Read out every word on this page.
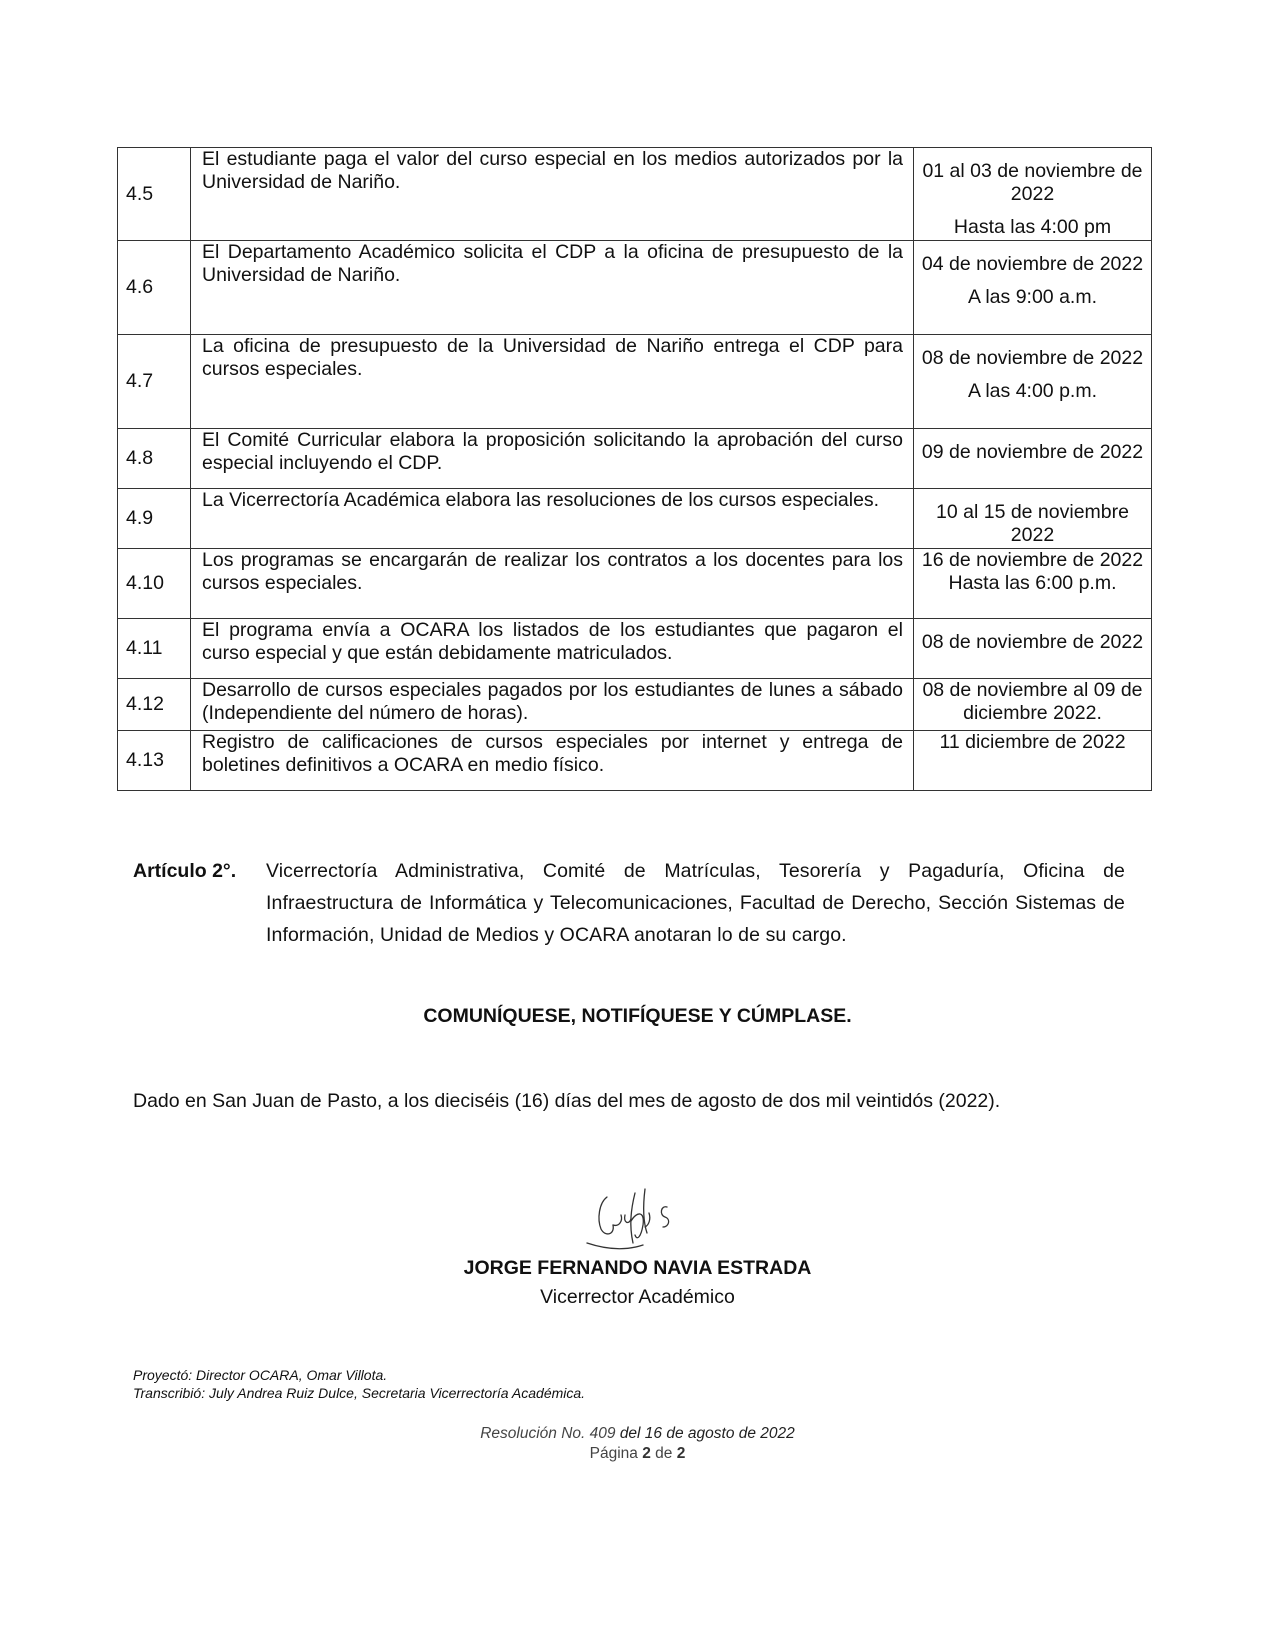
4.5	El estudiante paga el valor del curso especial en los medios autorizados por la Universidad de Nariño.	01 al 03 de noviembre de 2022
Hasta las 4:00 pm

4.6	El Departamento Académico solicita el CDP a la oficina de presupuesto de la Universidad de Nariño.	04 de noviembre de 2022
A las 9:00 a.m.

4.7	La oficina de presupuesto de la Universidad de Nariño entrega el CDP para cursos especiales.	08 de noviembre de 2022
A las 4:00 p.m.

4.8	El Comité Curricular elabora la proposición solicitando la aprobación del curso especial incluyendo el CDP.	09 de noviembre de 2022

4.9	La Vicerrectoría Académica elabora las resoluciones de los cursos especiales.	10 al 15 de noviembre 2022

4.10	Los programas se encargarán de realizar los contratos a los docentes para los cursos especiales.	16 de noviembre de 2022
Hasta las 6:00 p.m.

4.11	El programa envía a OCARA los listados de los estudiantes que pagaron el curso especial y que están debidamente matriculados.	08 de noviembre de 2022

4.12	Desarrollo de cursos especiales pagados por los estudiantes de lunes a sábado (Independiente del número de horas).	08 de noviembre al 09 de diciembre 2022.

4.13	Registro de calificaciones de cursos especiales por internet y entrega de boletines definitivos a OCARA en medio físico.	11 diciembre de 2022
Artículo 2°. Vicerrectoría Administrativa, Comité de Matrículas, Tesorería y Pagaduría, Oficina de Infraestructura de Informática y Telecomunicaciones, Facultad de Derecho, Sección Sistemas de Información, Unidad de Medios y OCARA anotaran lo de su cargo.
COMUNÍQUESE, NOTIFÍQUESE Y CÚMPLASE.
Dado en San Juan de Pasto, a los dieciséis (16) días del mes de agosto de dos mil veintidós (2022).
JORGE FERNANDO NAVIA ESTRADA
Vicerrector Académico
Proyectó: Director OCARA, Omar Villota.
Transcribió: July Andrea Ruiz Dulce, Secretaria Vicerrectoría Académica.
Resolución No. 409 del 16 de agosto de 2022
Página 2 de 2
